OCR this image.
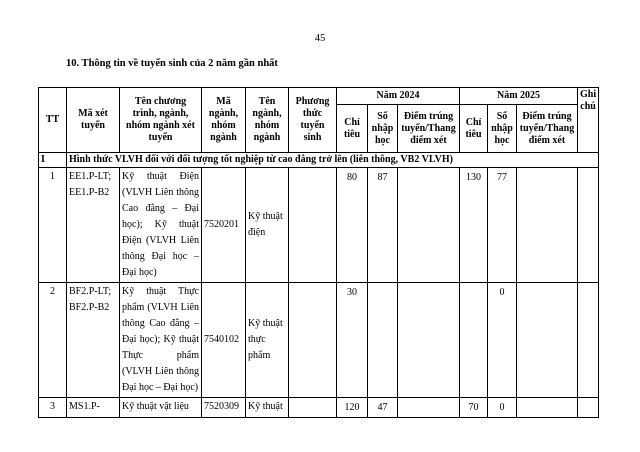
45
10. Thông tin về tuyển sinh của 2 năm gần nhất
TT	Mã xét tuyển	Tên chương trình, ngành, nhóm ngành xét tuyển	Mã ngành, nhóm ngành	Tên ngành, nhóm ngành	Phương thức tuyển sinh	Năm 2024			Năm 2025			Ghi chú
						Chỉ tiêu	Số nhập học	Điểm trúng tuyển/Thang điểm xét	Chỉ tiêu	Số nhập học	Điểm trúng tuyển/Thang điểm xét	
I	Hình thức VLVH đối với đối tượng tốt nghiệp từ cao đẳng trở lên (liên thông, VB2 VLVH)											
1	EE1.P-LT; EE1.P-B2	Kỹ thuật Điện (VLVH Liên thông Cao đẳng – Đại học); Kỹ thuật Điện (VLVH Liên thông Đại học – Đại học)	7520201	Kỹ thuật điện		80	87		130	77		
2	BF2.P-LT; BF2.P-B2	Kỹ thuật Thực phẩm (VLVH Liên thông Cao đẳng – Đại học); Kỹ thuật Thực phẩm (VLVH Liên thông Đại học – Đại học)	7540102	Kỹ thuật thực phẩm		30				0		
3	MS1.P-	Kỹ thuật vật liệu	7520309	Kỹ thuật		120	47		70	0		
